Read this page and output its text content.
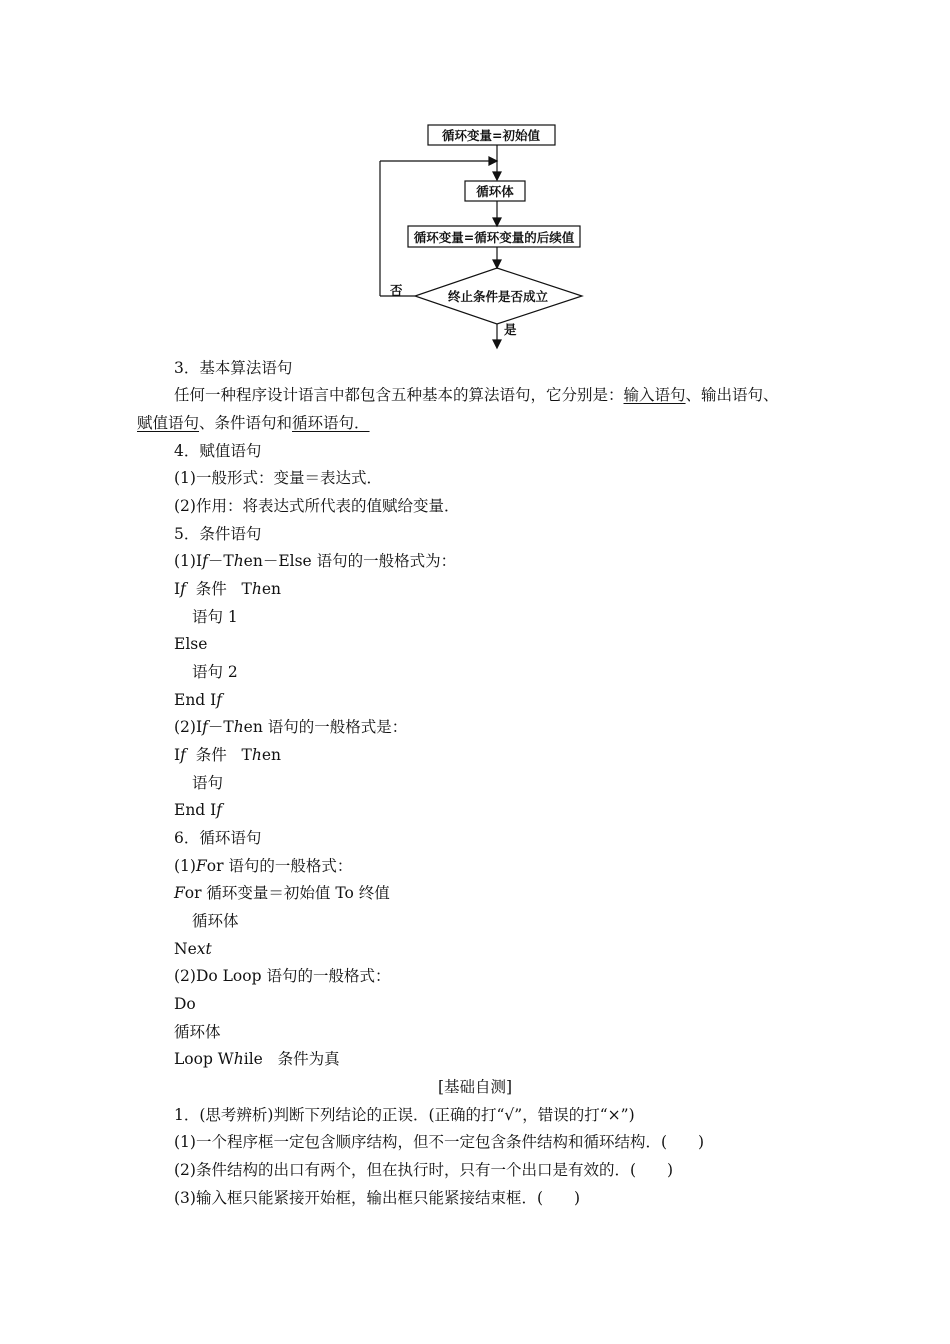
循环变量=初始值
循环体
循环变量=循环变量的后续值
终止条件是否成立
否
是
3．基本算法语句
任何一种程序设计语言中都包含五种基本的算法语句，它分别是：输入语句、输出语句、
赋值语句、条件语句和循环语句．
4．赋值语句
(1)一般形式：变量＝表达式．
(2)作用：将表达式所代表的值赋给变量．
5．条件语句
(1)If－Then－Else 语句的一般格式为：
If  条件   Then
语句 1
Else
语句 2
End If
(2)If－Then 语句的一般格式是：
If  条件   Then
语句
End If
6．循环语句
(1)For 语句的一般格式：
For 循环变量＝初始值 To 终值
循环体
Next
(2)Do Loop 语句的一般格式：
Do
循环体
Loop While   条件为真
[基础自测]
1．(思考辨析)判断下列结论的正误．(正确的打“√”，错误的打“×”)
(1)一个程序框一定包含顺序结构，但不一定包含条件结构和循环结构．(　　)
(2)条件结构的出口有两个，但在执行时，只有一个出口是有效的．(　　)
(3)输入框只能紧接开始框，输出框只能紧接结束框．(　　)
